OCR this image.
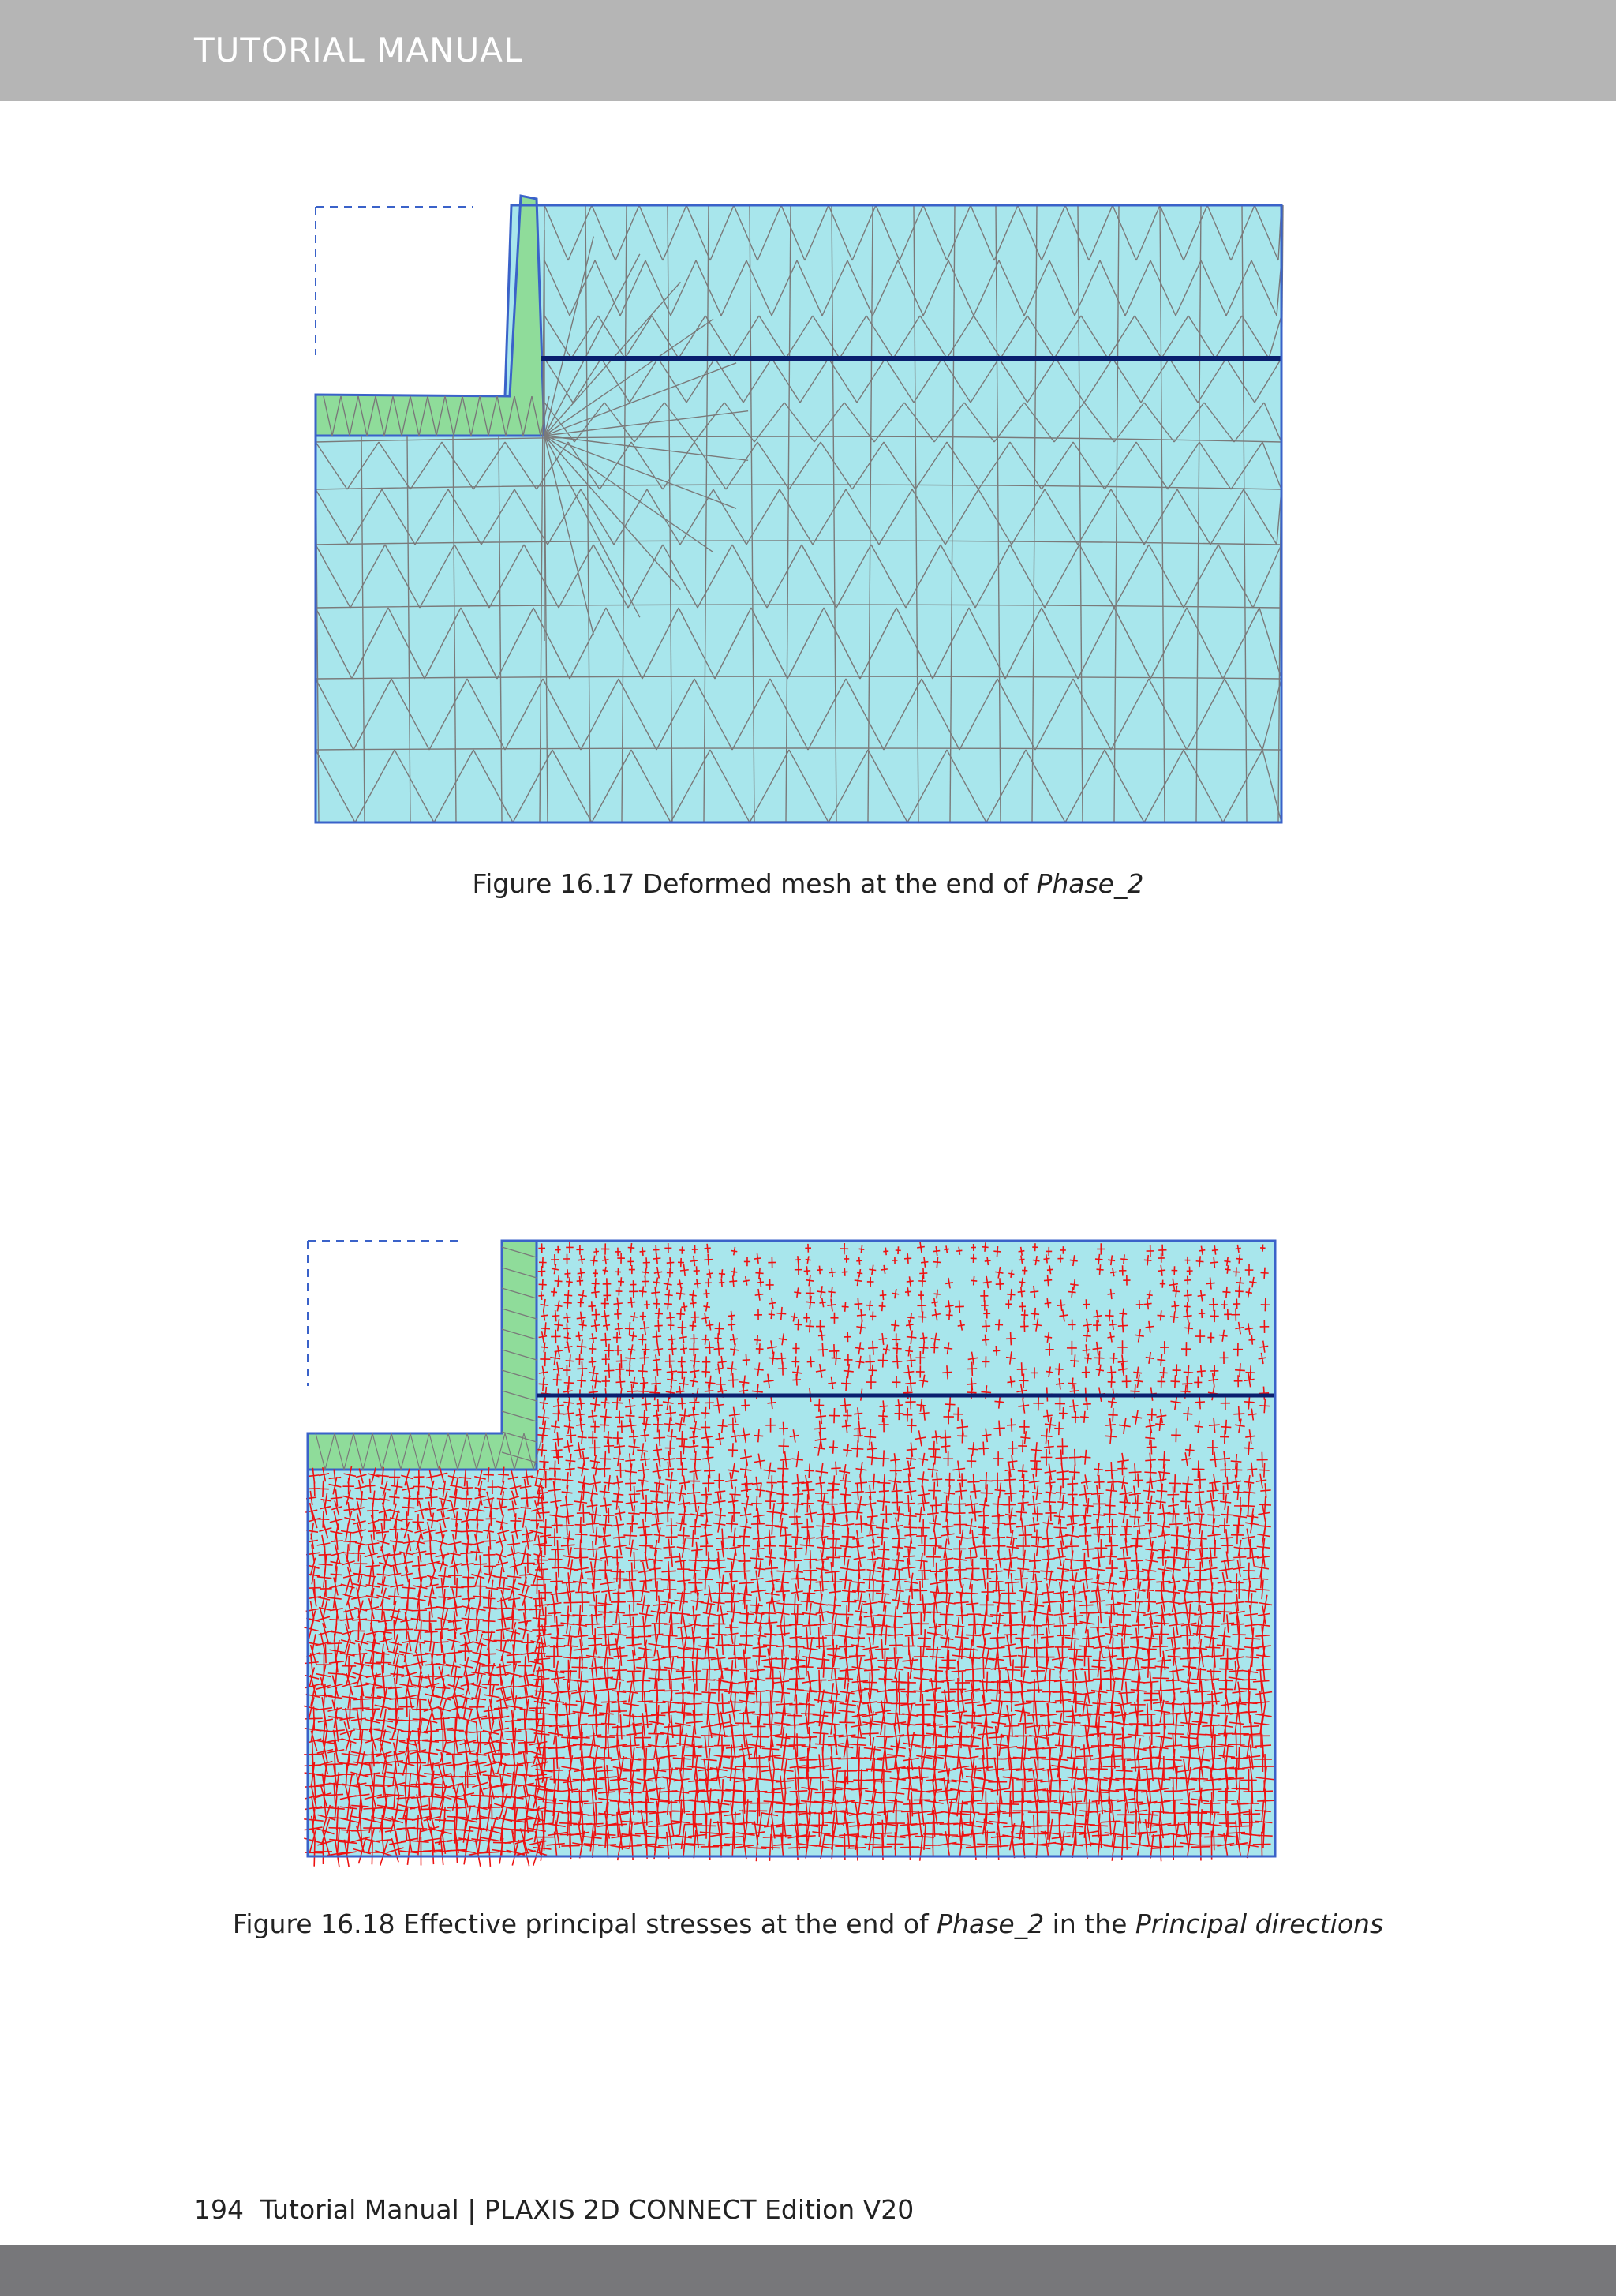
TUTORIAL MANUAL
Figure 16.17 Deformed mesh at the end of Phase_2
Figure 16.18 Effective principal stresses at the end of Phase_2 in the Principal directions
194 Tutorial Manual | PLAXIS 2D CONNECT Edition V20
